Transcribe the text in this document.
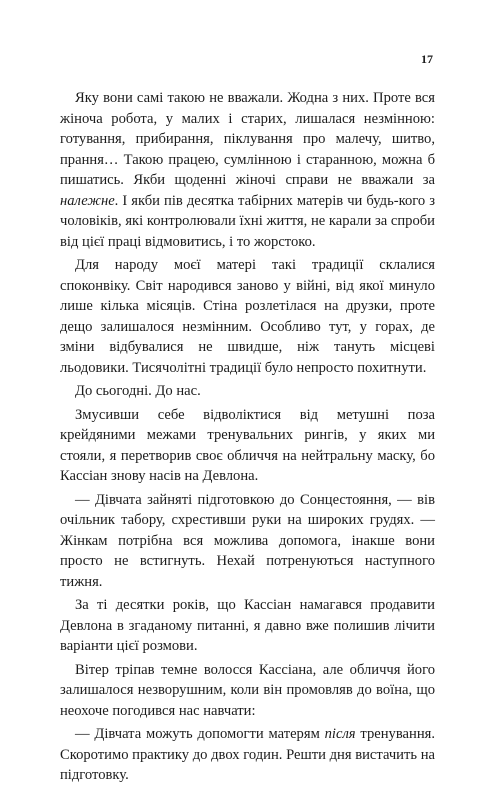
17

Яку вони самі такою не вважали. Жодна з них. Проте вся жіноча робота, у малих і старих, лишалася незмінною: готування, прибирання, піклування про малечу, шитво, прання… Такою працею, сумлінною і старанною, можна б пишатись. Якби щоденні жіночі справи не вважали за належне. І якби пів десятка табірних матерів чи будь-кого з чоловіків, які контролювали їхні життя, не карали за спроби від цієї праці відмовитись, і то жорстоко.

Для народу моєї матері такі традиції склалися споконвіку. Світ народився заново у війні, від якої минуло лише кілька місяців. Стіна розлетілася на друзки, проте дещо залишалося незмінним. Особливо тут, у горах, де зміни відбувалися не швидше, ніж тануть місцеві льодовики. Тисячолітні традиції було непросто похитнути.

До сьогодні. До нас.

Змусивши себе відволіктися від метушні поза крейдяними межами тренувальних рингів, у яких ми стояли, я перетворив своє обличчя на нейтральну маску, бо Кассіан знову насів на Девлона.

— Дівчата зайняті підготовкою до Сонцестояння, — вів очільник табору, схрестивши руки на широких грудях. — Жінкам потрібна вся можлива допомога, інакше вони просто не встигнуть. Нехай потренуються наступного тижня.

За ті десятки років, що Кассіан намагався продавити Девлона в згаданому питанні, я давно вже полишив лічити варіанти цієї розмови.

Вітер тріпав темне волосся Кассіана, але обличчя його залишалося незворушним, коли він промовляв до воїна, що неохоче погодився нас навчати:

— Дівчата можуть допомогти матерям після тренування. Скоротимо практику до двох годин. Решти дня вистачить на підготовку.
